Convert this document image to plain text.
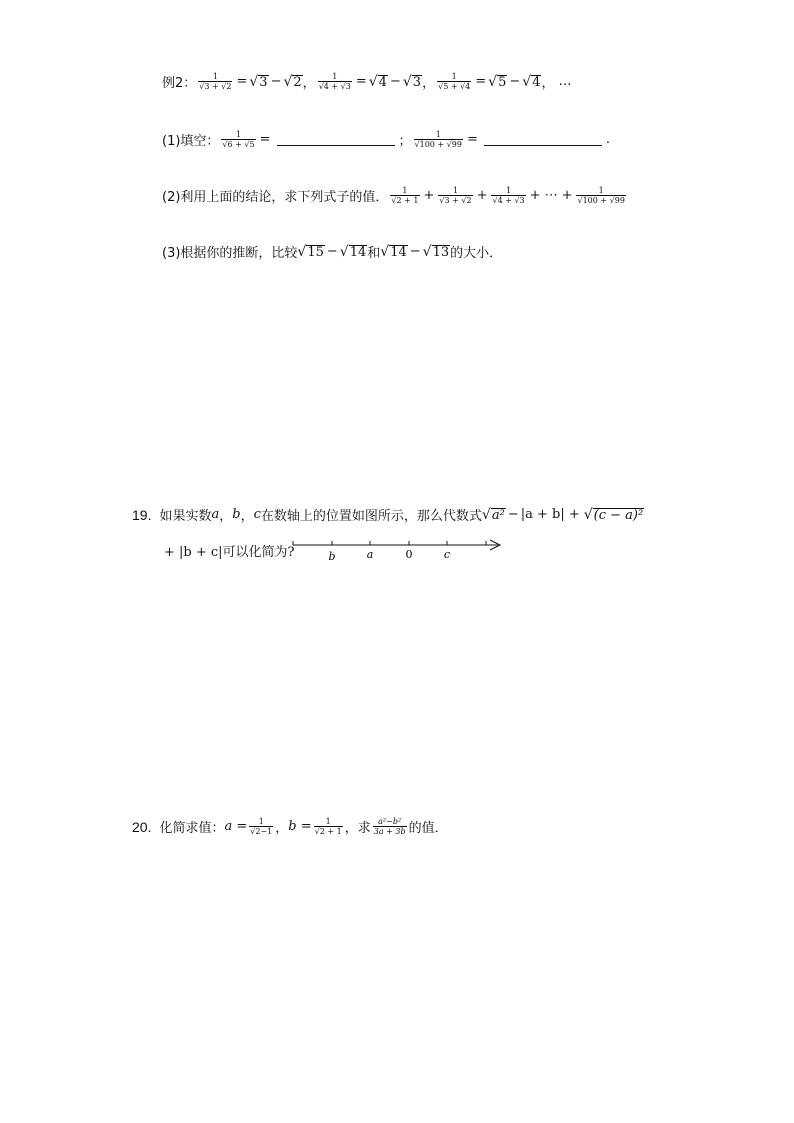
例2： $\frac{1}{√3 + √2}$ = √ 3 − √ 2 ， $\frac{1}{√4 + √3}$ = √ 4 − √ 3 ， $\frac{1}{√5 + √4}$ = √ 5 − √ 4 ， …
(1)填空： $\frac{1}{√6 + √5}$ =	； $\frac{1}{√100 + √99}$ =	.
(2)利用上面的结论，求下列式子的值． $\frac{1}{√2 + 1} + \frac{1}{√3 + √2} + \frac{1}{√4 + √3}$ + ⋯ + $\frac{1}{√100 + √99}$
(3)根据你的推断，比较 √ 15 − √ 14 和 √ 14 − √ 13 的大小．
19. 如果实数 a ， b ， c 在数轴上的位置如图所示，那么代数式 √ a² − |a + b| + √ (c − a)²
+ |b + c|可以化简为?	b	a	0	c
20. 化简求值： $a = \frac{1}{√2-1}$ ， $b = \frac{1}{√2 + 1}$ ， 求 $\frac{\text{a²−b²}}{3a + 3b}$ 的值．
